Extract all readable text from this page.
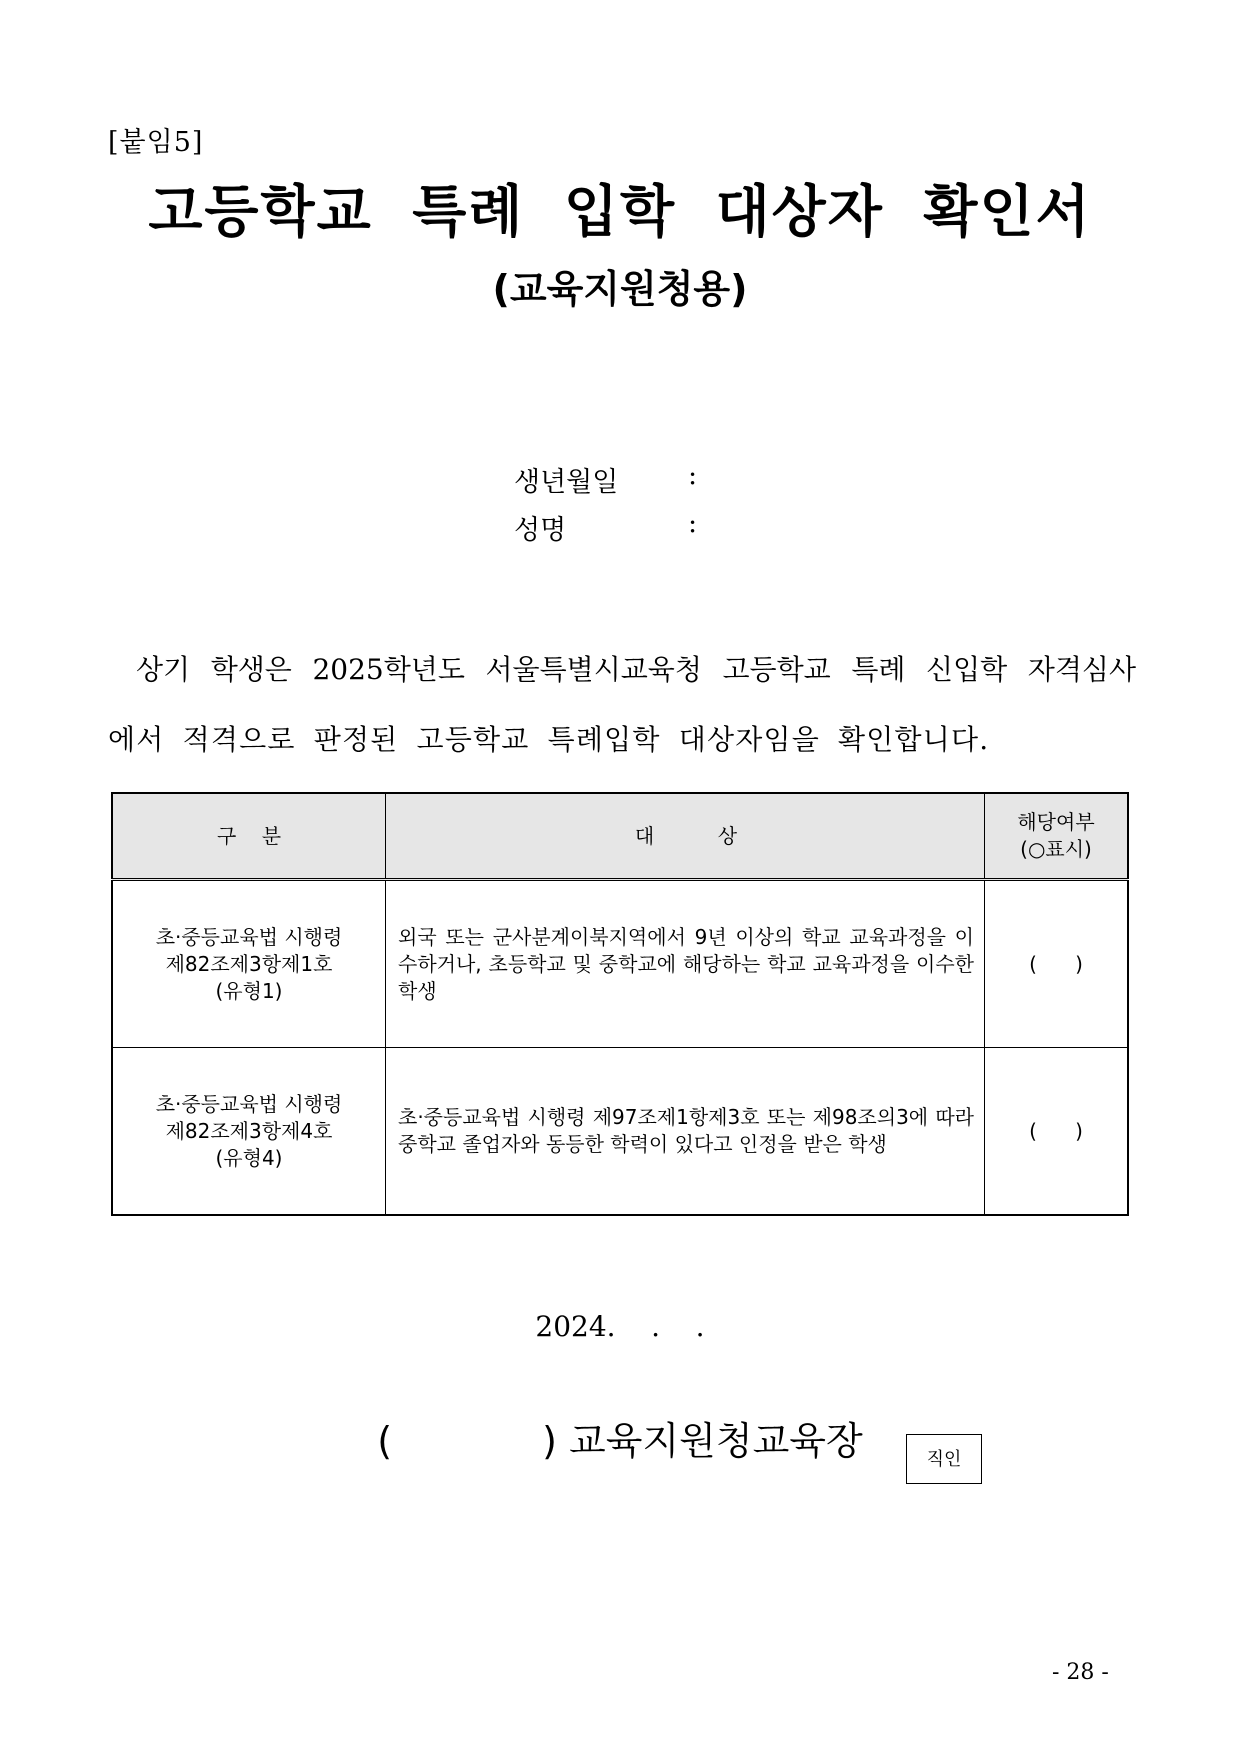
[붙임5]
고등학교 특례 입학 대상자 확인서
(교육지원청용)
생년월일	:
성명	:
상기 학생은 2025학년도 서울특별시교육청 고등학교 특례 신입학 자격심사
에서 적격으로 판정된 고등학교 특례입학 대상자임을 확인합니다.
구    분	대          상	해당여부
(○표시)

초·중등교육법 시행령
제82조제3항제1호
(유형1)	외국 또는 군사분계이북지역에서 9년 이상의 학교 교육과정을 이수하거나, 초등학교 및 중학교에 해당하는 학교 교육과정을 이수한 학생	(      )

초·중등교육법 시행령
제82조제3항제4호
(유형4)	초·중등교육법 시행령 제97조제1항제3호 또는 제98조의3에 따라 중학교 졸업자와 동등한 학력이 있다고 인정을 받은 학생	(      )
2024.    .    .
(	) 교육지원청교육장	직인
- 28 -
